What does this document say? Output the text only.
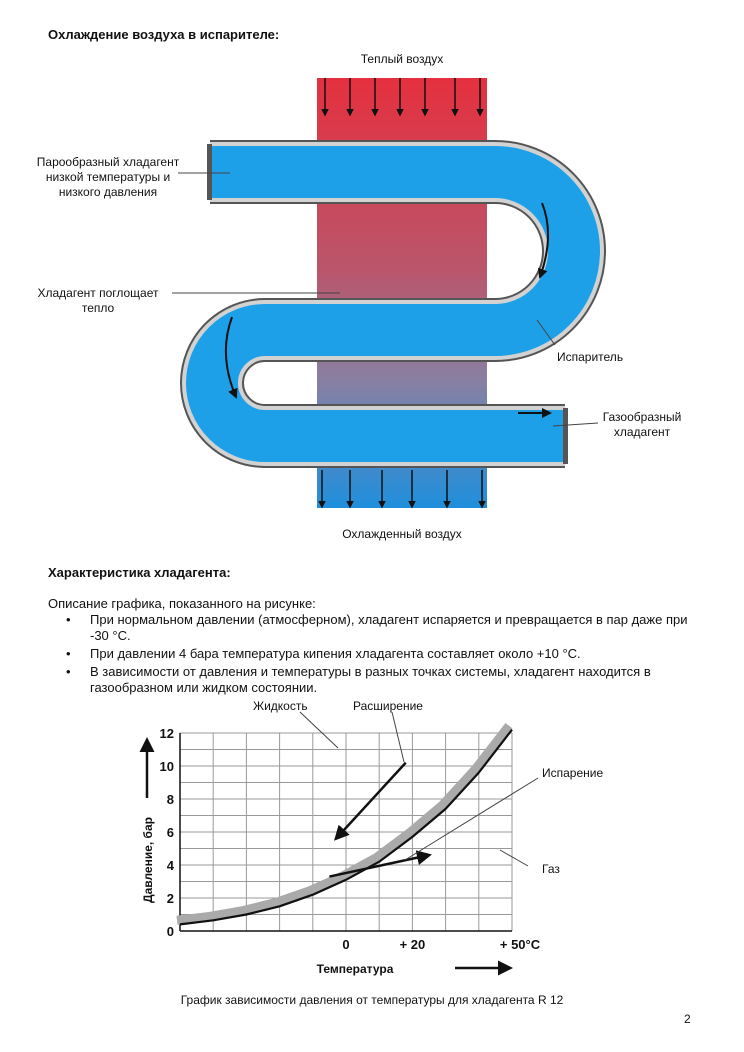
Охлаждение воздуха в испарителе:
Теплый воздух
Охлажденный воздух
Парообразный хладагент
низкой температуры и
низкого давления
Хладагент поглощает
тепло
Испаритель
Газообразный
хладагент
Характеристика хладагента:
Описание графика, показанного на рисунке:
• При нормальном давлении (атмосферном), хладагент испаряется и превращается в пар даже при -30 °С.
• При давлении 4 бара температура кипения хладагента составляет около +10 °С.
• В зависимости от давления и температуры в разных точках системы, хладагент находится в газообразном или жидком состоянии.
0
2
4
6
8
10
12
0	+ 20	+ 50°C
Давление, бар
Температура
Жидкость	Расширение
Испарение
Газ
График зависимости давления от температуры для хладагента R 12
2
